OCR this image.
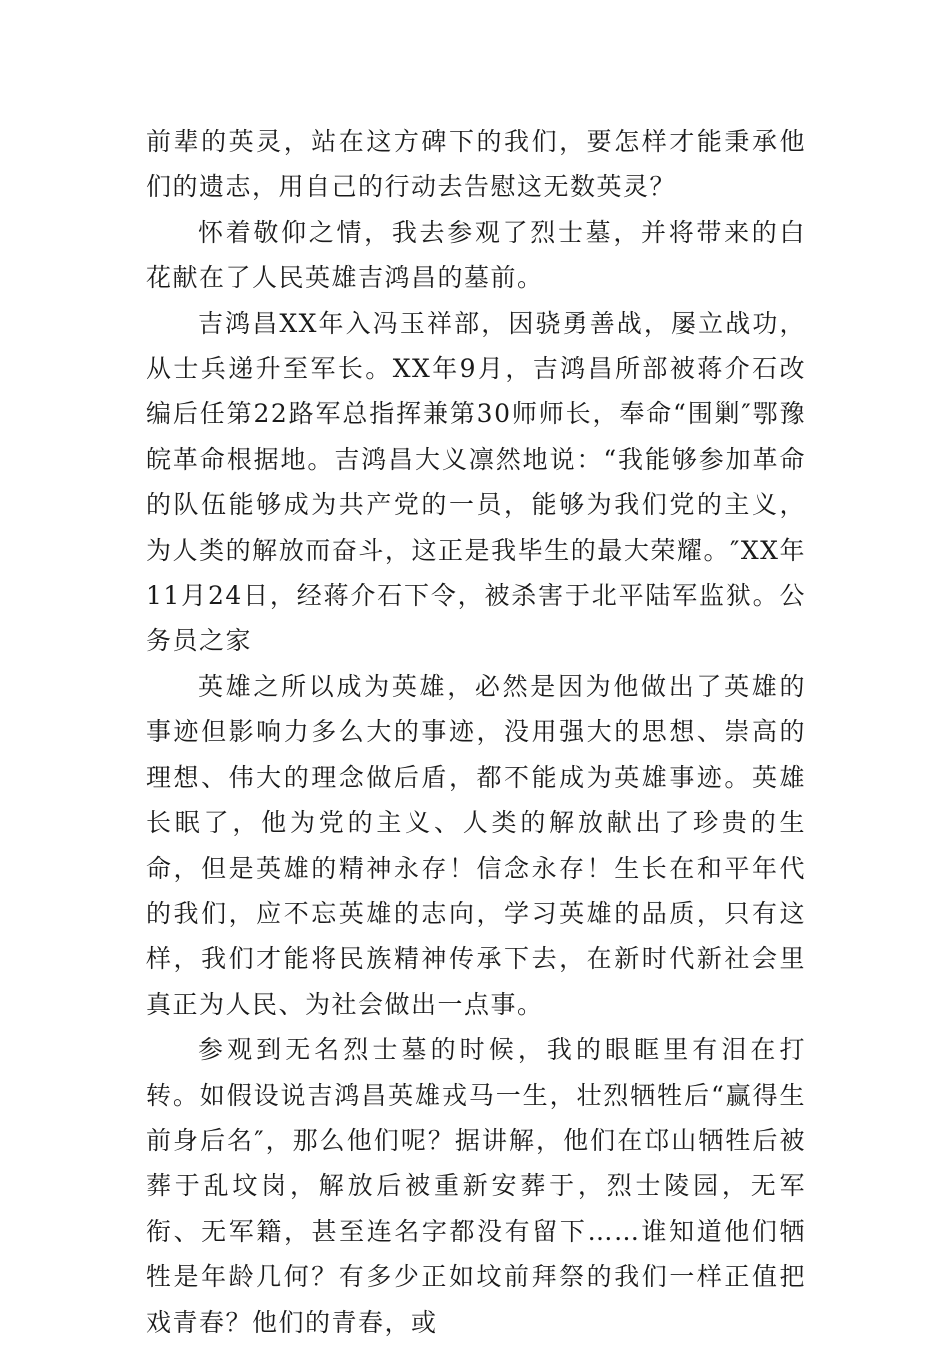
前辈的英灵，站在这方碑下的我们，要怎样才能秉承他们的遗志，用自己的行动去告慰这无数英灵？

怀着敬仰之情，我去参观了烈士墓，并将带来的白花献在了人民英雄吉鸿昌的墓前。

吉鸿昌XX年入冯玉祥部，因骁勇善战，屡立战功，从士兵递升至军长。XX年9月，吉鸿昌所部被蒋介石改编后任第22路军总指挥兼第30师师长，奉命“围剿″鄂豫皖革命根据地。吉鸿昌大义凛然地说：“我能够参加革命的队伍能够成为共产党的一员，能够为我们党的主义，为人类的解放而奋斗，这正是我毕生的最大荣耀。″XX年11月24日，经蒋介石下令，被杀害于北平陆军监狱。公务员之家

英雄之所以成为英雄，必然是因为他做出了英雄的事迹但影响力多么大的事迹，没用强大的思想、崇高的理想、伟大的理念做后盾，都不能成为英雄事迹。英雄长眠了，他为党的主义、人类的解放献出了珍贵的生命，但是英雄的精神永存！信念永存！生长在和平年代的我们，应不忘英雄的志向，学习英雄的品质，只有这样，我们才能将民族精神传承下去，在新时代新社会里真正为人民、为社会做出一点事。

参观到无名烈士墓的时候，我的眼眶里有泪在打转。如假设说吉鸿昌英雄戎马一生，壮烈牺牲后“赢得生前身后名″，那么他们呢？据讲解，他们在邙山牺牲后被葬于乱坟岗，解放后被重新安葬于，烈士陵园，无军衔、无军籍，甚至连名字都没有留下……谁知道他们牺牲是年龄几何？有多少正如坟前拜祭的我们一样正值把戏青春？他们的青春，或
